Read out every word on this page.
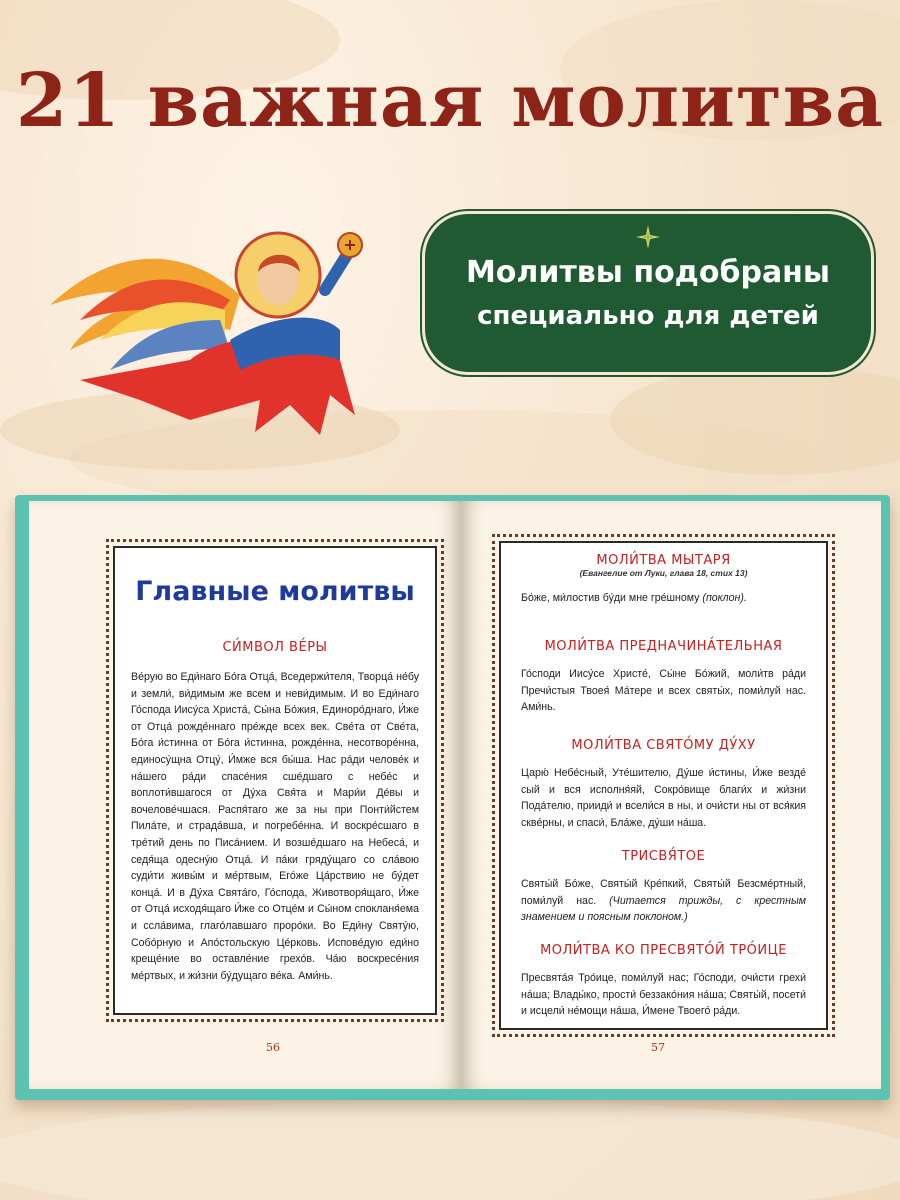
21 важная молитва
Молитвы подобраны
специально для детей
Главные молитвы

СИ́МВОЛ ВЕ́РЫ

Ве́рую во Еди́наго Бо́га Отца́, Вседержи́теля, Творца́ не́бу и земли́, ви́димым же всем и неви́димым. И во Еди́наго Го́спода Иису́са Христа́, Сы́на Бо́жия, Единоро́днаго, И́же от Отца́ рожде́ннаго пре́жде всех век. Све́та от Све́та, Бо́га и́стинна от Бо́га и́стинна, рожде́нна, несотворе́нна, единосу́щна Отцу́, И́мже вся бы́ша. Нас ра́ди челове́к и на́шего ра́ди спасе́ния сше́дшаго с небе́с и воплоти́вшагося от Ду́ха Свя́та и Мари́и Де́вы и вочелове́чшася. Распя́таго же за ны при Понти́йстем Пила́те, и страда́вша, и погребе́нна. И воскре́сшаго в тре́тий день по Писа́нием. И возше́дшаго на Небеса́, и седя́ща одесну́ю Отца́. И па́ки гряду́щаго со сла́вою суди́ти живы́м и ме́ртвым, Его́же Ца́рствию не бу́дет конца́. И в Ду́ха Свята́го, Го́спода, Животворя́щаго, И́же от Отца́ исходя́щаго И́же со Отце́м и Сы́ном спокланя́ема и ссла́вима, глаго́лавшаго проро́ки. Во Еди́ну Святу́ю, Собо́рную и Апо́стольскую Це́рковь. Испове́дую еди́но креще́ние во оставле́ние грехо́в. Ча́ю воскресе́ния ме́ртвых, и жи́зни бу́дущаго ве́ка. Ами́нь.

56

МОЛИ́ТВА МЫТАРЯ

(Евангелие от Луки, глава 18, стих 13)

Бо́же, ми́лостив бу́ди мне гре́шному (поклон).

МОЛИ́ТВА ПРЕДНАЧИНА́ТЕЛЬНАЯ

Го́споди Иису́се Христе́, Сы́не Бо́жий, моли́тв ра́ди Пречи́стыя Твоея́ Ма́тере и всех святы́х, поми́луй нас. Ами́нь.

МОЛИ́ТВА СВЯТО́МУ ДУ́ХУ

Царю́ Небе́сный, Уте́шителю, Ду́ше и́стины, И́же везде́ сый и вся исполня́яй, Сокро́вище благи́х и жи́зни Пода́телю, прииди́ и всели́ся в ны, и очи́сти ны от вся́кия скве́рны, и спаси́, Бла́же, ду́ши на́ша.

ТРИСВЯ́ТОЕ

Святы́й Бо́же, Святы́й Кре́пкий, Святы́й Безсме́ртный, поми́луй нас. (Читается трижды, с крестным знамением и поясным поклоном.)

МОЛИ́ТВА КО ПРЕСВЯТО́Й ТРО́ИЦЕ

Пресвята́я Тро́ице, поми́луй нас; Го́споди, очи́сти грехи́ на́ша; Влады́ко, прости́ беззако́ния на́ша; Святы́й, посети́ и исцели́ не́мощи на́ша, И́мене Твоего́ ра́ди.

57
